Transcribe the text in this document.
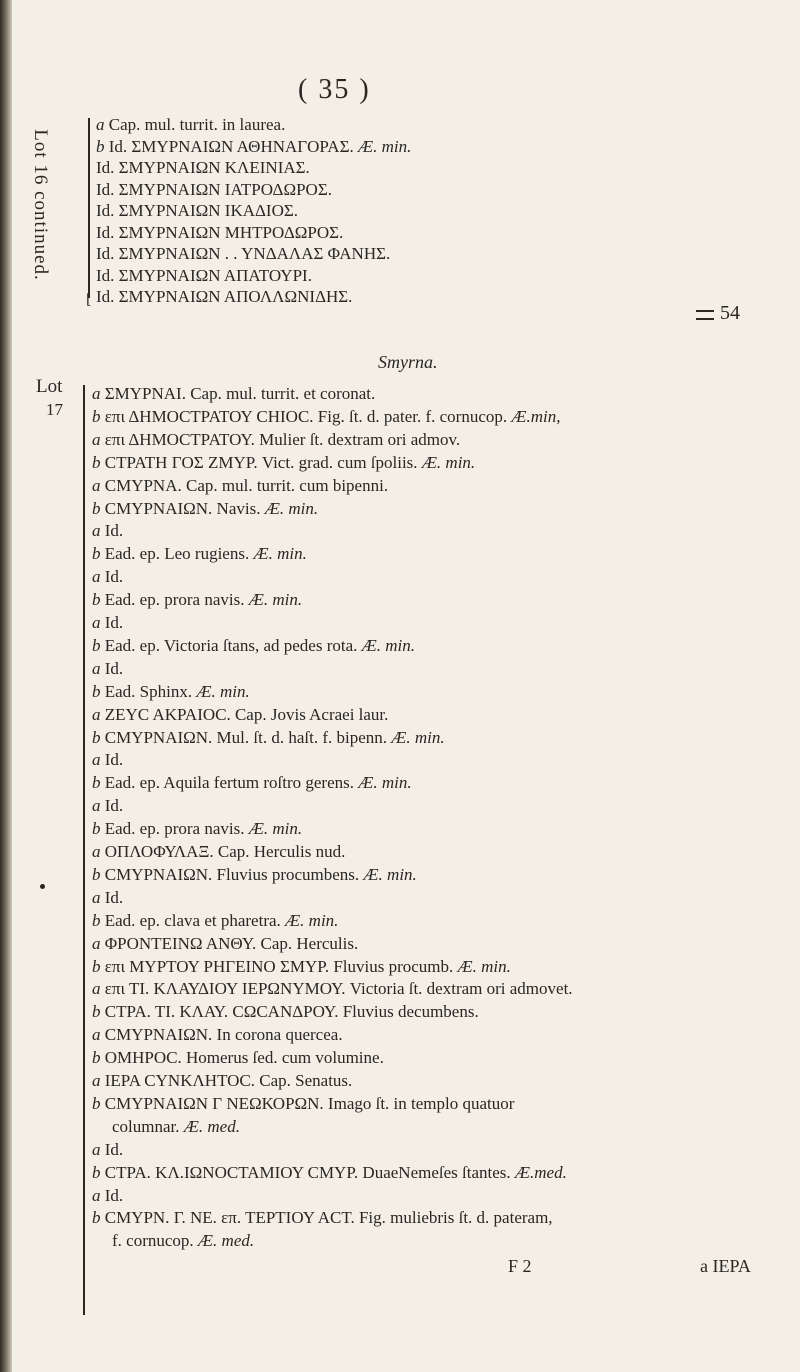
( 35 )
Lot 16 continued.
⌊
a Cap. mul. turrit. in laurea.
b Id. ΣΜΥΡΝΑΙΩΝ ΑΘΗΝΑΓΟΡΑΣ. Æ. min.
Id. ΣΜΥΡΝΑΙΩΝ ΚΛΕΙΝΙΑΣ.
Id. ΣΜΥΡΝΑΙΩΝ ΙΑΤΡΟΔΩΡΟΣ.
Id. ΣΜΥΡΝΑΙΩΝ ΙΚΑΔΙΟΣ.
Id. ΣΜΥΡΝΑΙΩΝ ΜΗΤΡΟΔΩΡΟΣ.
Id. ΣΜΥΡΝΑΙΩΝ . . ΥΝΔΑΛΑΣ ΦΑΝΗΣ.
Id. ΣΜΥΡΝΑΙΩΝ ΑΠΑΤΟΥΡΙ.
Id. ΣΜΥΡΝΑΙΩΝ ΑΠΟΛΛΩΝΙΔΗΣ.
54
Smyrna.
Lot
17
a ΣΜΥΡΝΑΙ. Cap. mul. turrit. et coronat.
b επι ΔΗΜΟϹΤΡΑΤΟΥ CHIOC. Fig. ſt. d. pater. f. cornucop. Æ.min,
a επι ΔΗΜΟϹΤΡΑΤΟΥ. Mulier ſt. dextram ori admov.
b CΤΡΑΤΗ ΓΟΣ ΖΜΥΡ. Vict. grad. cum ſpoliis. Æ. min.
a CΜΥΡΝΑ. Cap. mul. turrit. cum bipenni.
b CΜΥΡΝΑΙΩΝ. Navis. Æ. min.
a Id.
b Ead. ep. Leo rugiens. Æ. min.
a Id.
b Ead. ep. prora navis. Æ. min.
a Id.
b Ead. ep. Victoria ſtans, ad pedes rota. Æ. min.
a Id.
b Ead. Sphinx. Æ. min.
a ΖΕΥϹ ΑΚΡΑΙΟϹ. Cap. Jovis Acraei laur.
b CΜΥΡΝΑΙΩΝ. Mul. ſt. d. haſt. f. bipenn. Æ. min.
a Id.
b Ead. ep. Aquila fertum roſtro gerens. Æ. min.
a Id.
b Ead. ep. prora navis. Æ. min.
a ΟΠΛΟΦΥΛΑΞ. Cap. Herculis nud.
b CΜΥΡΝΑΙΩΝ. Fluvius procumbens. Æ. min.
a Id.
b Ead. ep. clava et pharetra. Æ. min.
a ΦΡΟΝΤΕΙΝΩ ΑΝΘΥ. Cap. Herculis.
b επι ΜΥΡΤΟΥ ΡΗΓΕΙΝΟ ΣΜΥΡ. Fluvius procumb. Æ. min.
a επι ΤΙ. ΚΛΑΥΔΙΟΥ ΙΕΡΩΝΥΜΟΥ. Victoria ſt. dextram ori admovet.
b CΤΡΑ. ΤΙ. ΚΛΑΥ. CΩCΑΝΔΡΟΥ. Fluvius decumbens.
a CΜΥΡΝΑΙΩΝ. In corona quercea.
b ΟΜΗΡΟϹ. Homerus ſed. cum volumine.
a ΙΕΡΑ CΥΝΚΛΗΤΟϹ. Cap. Senatus.
b CΜΥΡΝΑΙΩΝ Γ ΝΕΩΚΟΡΩΝ. Imago ſt. in templo quatuor
columnar. Æ. med.
a Id.
b CΤΡΑ. ΚΛ.ΙΩΝΟϹΤΑΜΙΟΥ CΜΥΡ. DuaeNemeſes ſtantes. Æ.med.
a Id.
b CΜΥΡΝ. Γ. ΝΕ. επ. ΤΕΡΤΙΟΥ ΑCΤ. Fig. muliebris ſt. d. pateram,
f. cornucop. Æ. med.
F 2	a ΙΕΡΑ
